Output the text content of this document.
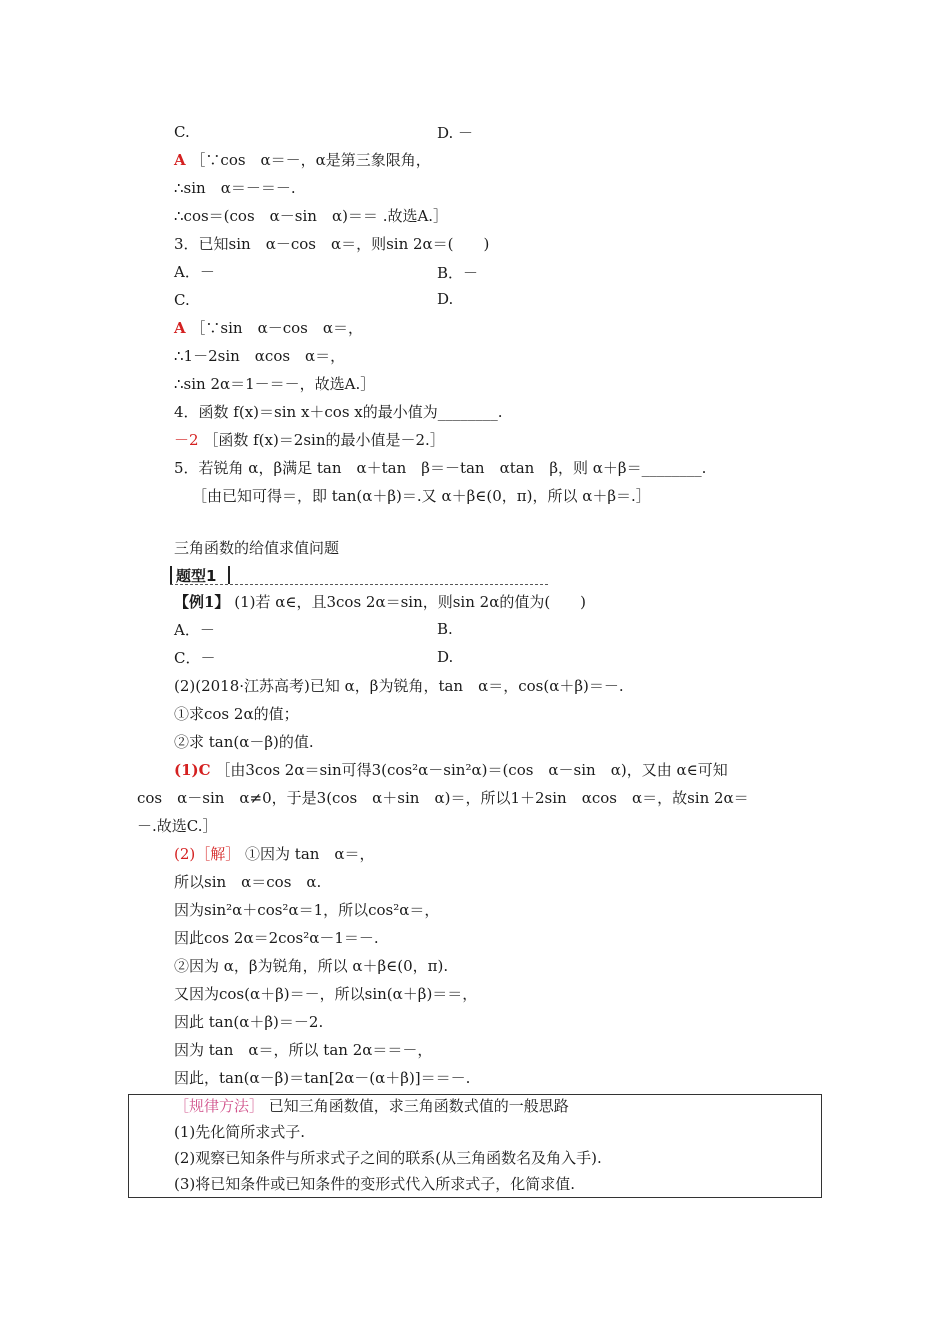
C.	D. －
A ［∵cos　α＝－，α是第三象限角，
∴sin　α＝－＝－.
∴cos＝(cos　α－sin　α)＝＝ .故选A.］
3．已知sin　α－cos　α＝，则sin 2α＝(　　)
A．－	B．－
C.	D.
A ［∵sin　α－cos　α＝，
∴1－2sin　αcos　α＝，
∴sin 2α＝1－＝－，故选A.］
4．函数 f(x)＝sin x＋cos x的最小值为________.
－2 ［函数 f(x)＝2sin的最小值是－2.］
5．若锐角 α，β满足 tan　α＋tan　β＝－tan　αtan　β，则 α＋β＝________.
［由已知可得＝，即 tan(α＋β)＝.又 α＋β∈(0，π)，所以 α＋β＝.］
三角函数的给值求值问题
题型1
【例1】 (1)若 α∈，且3cos 2α＝sin，则sin 2α的值为(　　)
A．－	B.
C．－	D.
(2)(2018·江苏高考)已知 α，β为锐角，tan　α＝，cos(α＋β)＝－.
①求cos 2α的值；
②求 tan(α－β)的值.
(1)C ［由3cos 2α＝sin可得3(cos²α－sin²α)＝(cos　α－sin　α)，又由 α∈可知
cos　α－sin　α≠0，于是3(cos　α＋sin　α)＝，所以1＋2sin　αcos　α＝，故sin 2α＝
－.故选C.］
(2)［解］ ①因为 tan　α＝，
所以sin　α＝cos　α.
因为sin²α＋cos²α＝1，所以cos²α＝，
因此cos 2α＝2cos²α－1＝－.
②因为 α，β为锐角，所以 α＋β∈(0，π).
又因为cos(α＋β)＝－，所以sin(α＋β)＝＝，
因此 tan(α＋β)＝－2.
因为 tan　α＝，所以 tan 2α＝＝－，
因此，tan(α－β)＝tan[2α－(α＋β)]＝＝－.
［规律方法］ 已知三角函数值，求三角函数式值的一般思路
(1)先化简所求式子.
(2)观察已知条件与所求式子之间的联系(从三角函数名及角入手).
(3)将已知条件或已知条件的变形式代入所求式子，化简求值.
